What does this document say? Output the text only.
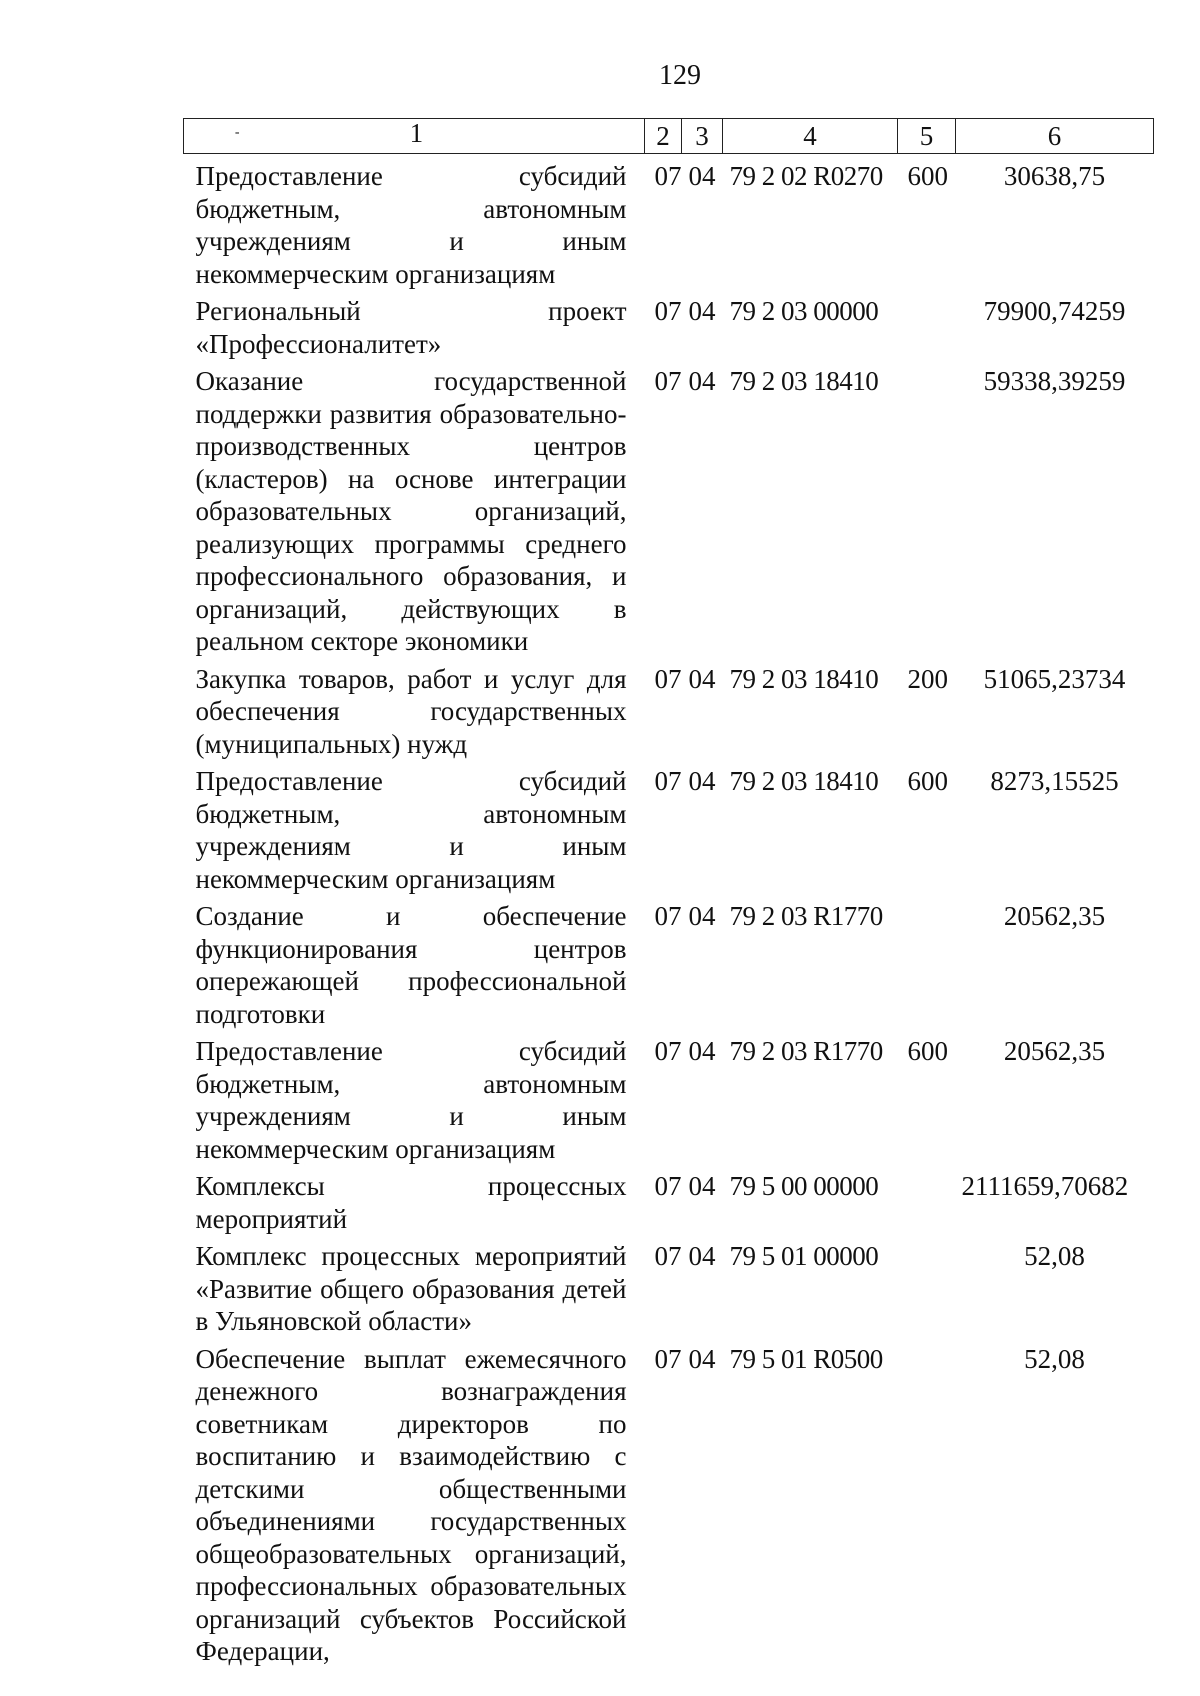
129
- 1	2	3	4	5	6
Предоставление субсидий бюджетным, автономным учреждениям и иным некоммерческим организациям	07	04	79 2 02 R0270	600	30638,75
Региональный проект «Профессионалитет»	07	04	79 2 03 00000		79900,74259
Оказание государственной поддержки развития образовательно-производственных центров (кластеров) на основе интеграции образовательных организаций, реализующих программы среднего профессионального образования, и организаций, действующих в реальном секторе экономики	07	04	79 2 03 18410		59338,39259
Закупка товаров, работ и услуг для обеспечения государственных (муниципальных) нужд	07	04	79 2 03 18410	200	51065,23734
Предоставление субсидий бюджетным, автономным учреждениям и иным некоммерческим организациям	07	04	79 2 03 18410	600	8273,15525
Создание и обеспечение функционирования центров опережающей профессиональной подготовки	07	04	79 2 03 R1770		20562,35
Предоставление субсидий бюджетным, автономным учреждениям и иным некоммерческим организациям	07	04	79 2 03 R1770	600	20562,35
Комплексы процессных мероприятий	07	04	79 5 00 00000		2111659,70682
Комплекс процессных мероприятий «Развитие общего образования детей в Ульяновской области»	07	04	79 5 01 00000		52,08
Обеспечение выплат ежемесячного денежного вознаграждения советникам директоров по воспитанию и взаимодействию с детскими общественными объединениями государственных общеобразовательных организаций, профессиональных образовательных организаций субъектов Российской Федерации,	07	04	79 5 01 R0500		52,08
